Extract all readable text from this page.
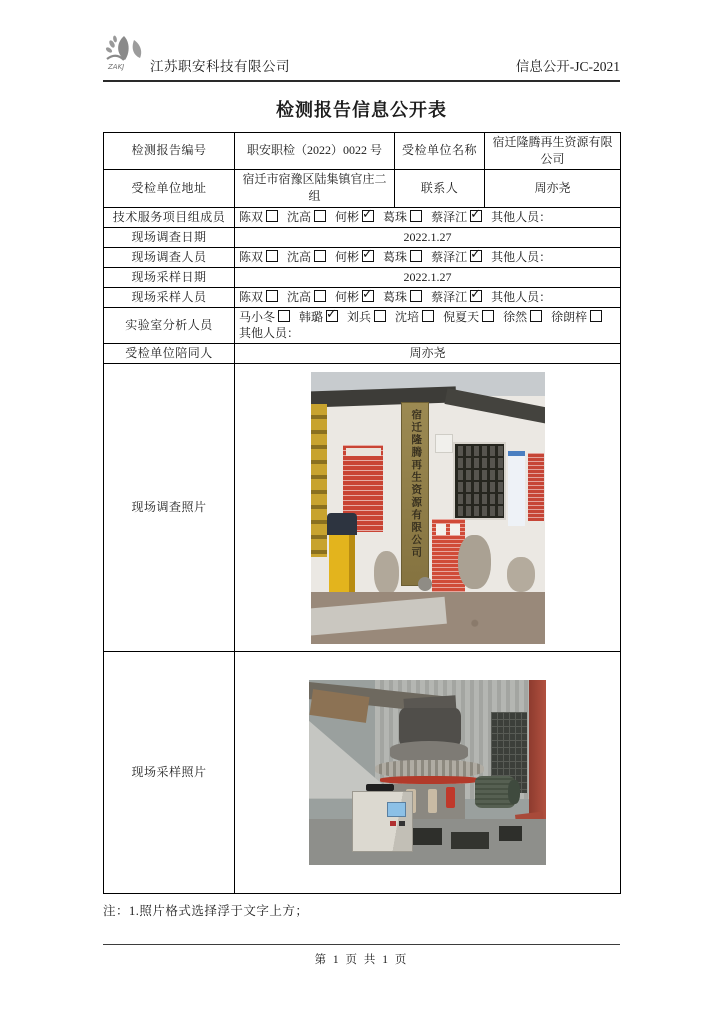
ZAKJ 江苏职安科技有限公司	信息公开-JC-2021
检测报告信息公开表
检测报告编号	职安职检（2022）0022 号	受检单位名称	宿迁隆腾再生资源有限公司
受检单位地址	宿迁市宿豫区陆集镇官庄二组	联系人	周亦尧
技术服务项目组成员	陈双 沈高 何彬 ✓ 葛珠 蔡泽江 ✓ 其他人员：
现场调查日期	2022.1.27		
现场调查人员	陈双 沈高 何彬 ✓ 葛珠 蔡泽江 ✓ 其他人员：
现场采样日期	2022.1.27		
现场采样人员	陈双 沈高 何彬 ✓ 葛珠 蔡泽江 ✓ 其他人员：
实验室分析人员	马小冬 韩璐 ✓ 刘兵 沈培 倪夏天 徐然 徐朗梓
其他人员：

受检单位陪同人	周亦尧		
现场调查照片	宿迁隆腾再生资源有限公司		

现场采样照片			
注：1.照片格式选择浮于文字上方；
第 1 页 共 1 页
